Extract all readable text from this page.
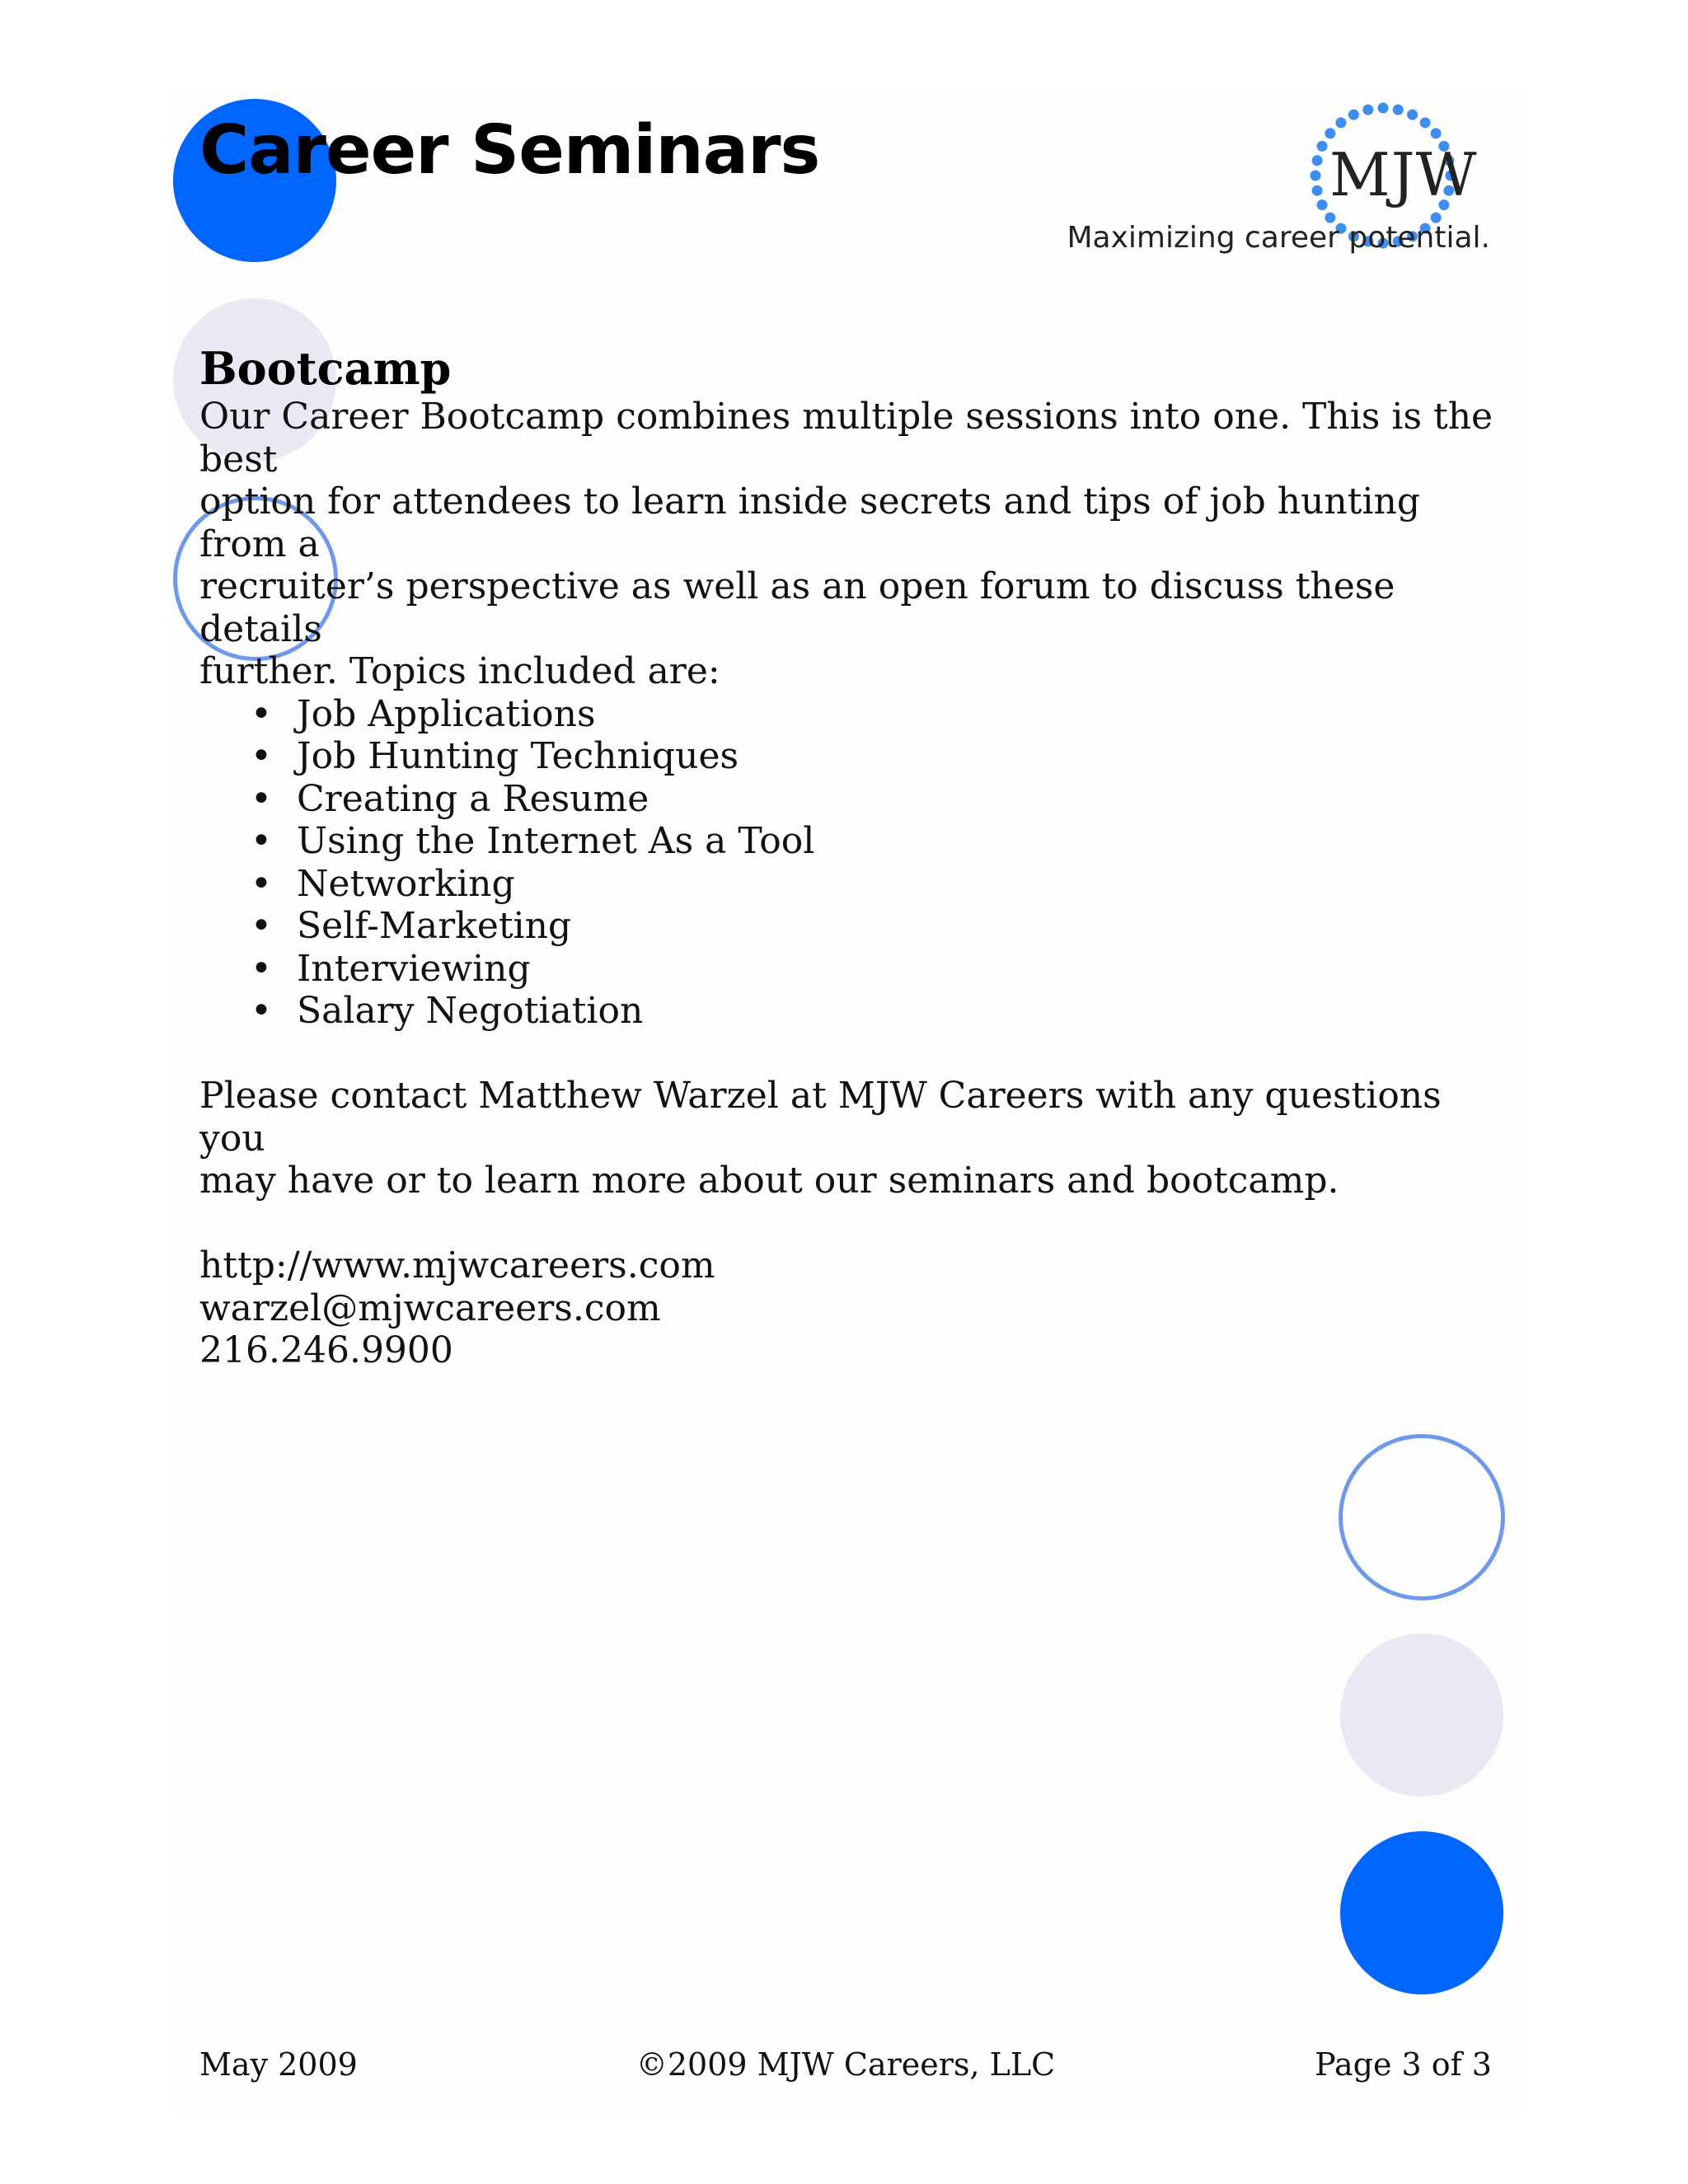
Career Seminars	MJW
Maximizing career potential.
Bootcamp

Our Career Bootcamp combines multiple sessions into one. This is the best
option for attendees to learn inside secrets and tips of job hunting from a
recruiter’s perspective as well as an open forum to discuss these details
further. Topics included are:

• Job Applications
• Job Hunting Techniques
• Creating a Resume
• Using the Internet As a Tool
• Networking
• Self-Marketing
• Interviewing
• Salary Negotiation

Please contact Matthew Warzel at MJW Careers with any questions you
may have or to learn more about our seminars and bootcamp.

http://www.mjwcareers.com
warzel@mjwcareers.com
216.246.9900

May 2009	©2009 MJW Careers, LLC	Page 3 of 3
